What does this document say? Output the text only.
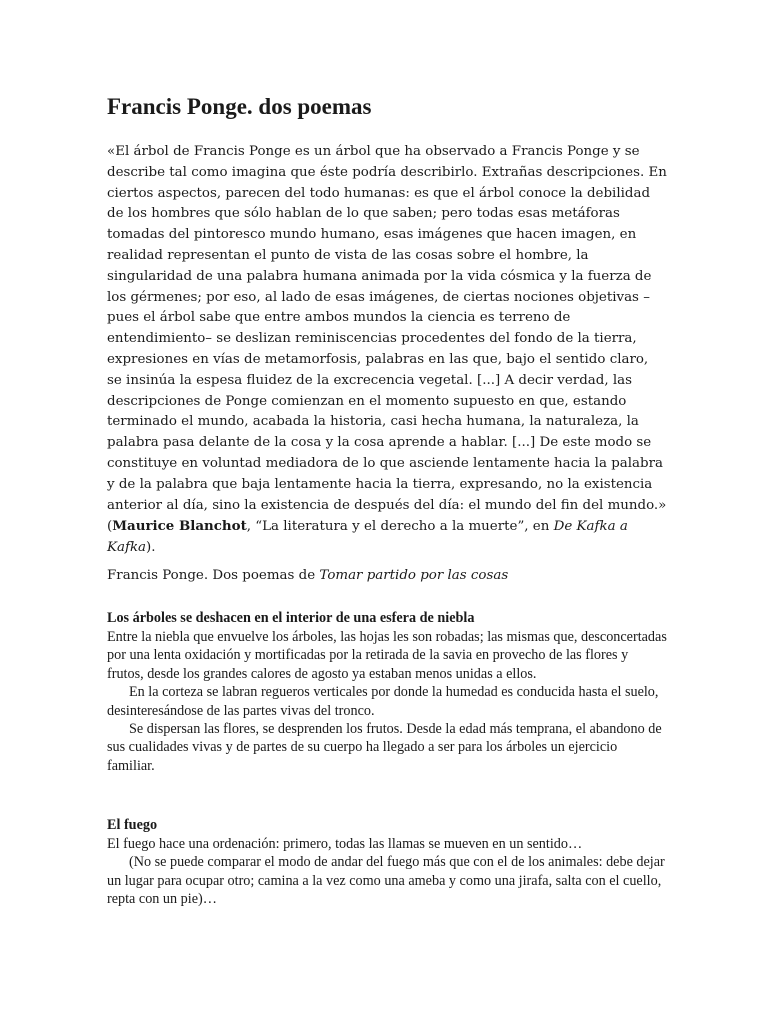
Francis Ponge. dos poemas

«El árbol de Francis Ponge es un árbol que ha observado a Francis Ponge y se describe tal como imagina que éste podría describirlo. Extrañas descripciones. En ciertos aspectos, parecen del todo humanas: es que el árbol conoce la debilidad de los hombres que sólo hablan de lo que saben; pero todas esas metáforas tomadas del pintoresco mundo humano, esas imágenes que hacen imagen, en realidad representan el punto de vista de las cosas sobre el hombre, la singularidad de una palabra humana animada por la vida cósmica y la fuerza de los gérmenes; por eso, al lado de esas imágenes, de ciertas nociones objetivas –pues el árbol sabe que entre ambos mundos la ciencia es terreno de entendimiento– se deslizan reminiscencias procedentes del fondo de la tierra, expresiones en vías de metamorfosis, palabras en las que, bajo el sentido claro, se insinúa la espesa fluidez de la excrecencia vegetal. [...] A decir verdad, las descripciones de Ponge comienzan en el momento supuesto en que, estando terminado el mundo, acabada la historia, casi hecha humana, la naturaleza, la palabra pasa delante de la cosa y la cosa aprende a hablar. [...] De este modo se constituye en voluntad mediadora de lo que asciende lentamente hacia la palabra y de la palabra que baja lentamente hacia la tierra, expresando, no la existencia anterior al día, sino la existencia de después del día: el mundo del fin del mundo.» (Maurice Blanchot, “La literatura y el derecho a la muerte”, en De Kafka a Kafka).

Francis Ponge. Dos poemas de Tomar partido por las cosas

Los árboles se deshacen en el interior de una esfera de niebla

Entre la niebla que envuelve los árboles, las hojas les son robadas; las mismas que, desconcertadas por una lenta oxidación y mortificadas por la retirada de la savia en provecho de las flores y frutos, desde los grandes calores de agosto ya estaban menos unidas a ellos.

En la corteza se labran regueros verticales por donde la humedad es conducida hasta el suelo, desinteresándose de las partes vivas del tronco.

Se dispersan las flores, se desprenden los frutos. Desde la edad más temprana, el abandono de sus cualidades vivas y de partes de su cuerpo ha llegado a ser para los árboles un ejercicio familiar.

El fuego

El fuego hace una ordenación: primero, todas las llamas se mueven en un sentido…

(No se puede comparar el modo de andar del fuego más que con el de los animales: debe dejar un lugar para ocupar otro; camina a la vez como una ameba y como una jirafa, salta con el cuello, repta con un pie)…
